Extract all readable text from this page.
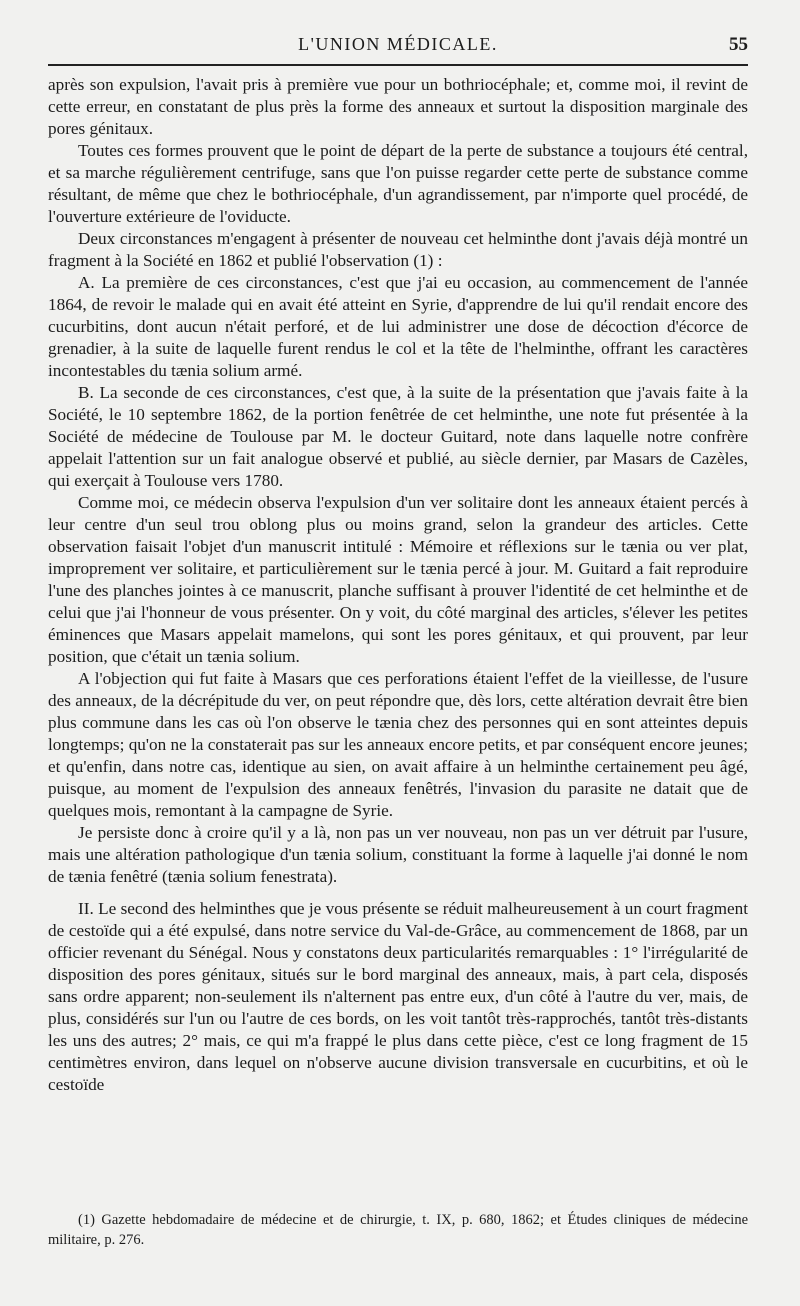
L'UNION MÉDICALE.	55

après son expulsion, l'avait pris à première vue pour un bothriocéphale; et, comme moi, il revint de cette erreur, en constatant de plus près la forme des anneaux et surtout la disposition marginale des pores génitaux.

Toutes ces formes prouvent que le point de départ de la perte de substance a toujours été central, et sa marche régulièrement centrifuge, sans que l'on puisse regarder cette perte de substance comme résultant, de même que chez le bothriocéphale, d'un agrandissement, par n'importe quel procédé, de l'ouverture extérieure de l'oviducte.

Deux circonstances m'engagent à présenter de nouveau cet helminthe dont j'avais déjà montré un fragment à la Société en 1862 et publié l'observation (1) :

A. La première de ces circonstances, c'est que j'ai eu occasion, au commencement de l'année 1864, de revoir le malade qui en avait été atteint en Syrie, d'apprendre de lui qu'il rendait encore des cucurbitins, dont aucun n'était perforé, et de lui administrer une dose de décoction d'écorce de grenadier, à la suite de laquelle furent rendus le col et la tête de l'helminthe, offrant les caractères incontestables du tænia solium armé.

B. La seconde de ces circonstances, c'est que, à la suite de la présentation que j'avais faite à la Société, le 10 septembre 1862, de la portion fenêtrée de cet helminthe, une note fut présentée à la Société de médecine de Toulouse par M. le docteur Guitard, note dans laquelle notre confrère appelait l'attention sur un fait analogue observé et publié, au siècle dernier, par Masars de Cazèles, qui exerçait à Toulouse vers 1780.

Comme moi, ce médecin observa l'expulsion d'un ver solitaire dont les anneaux étaient percés à leur centre d'un seul trou oblong plus ou moins grand, selon la grandeur des articles. Cette observation faisait l'objet d'un manuscrit intitulé : Mémoire et réflexions sur le tænia ou ver plat, improprement ver solitaire, et particulièrement sur le tænia percé à jour. M. Guitard a fait reproduire l'une des planches jointes à ce manuscrit, planche suffisant à prouver l'identité de cet helminthe et de celui que j'ai l'honneur de vous présenter. On y voit, du côté marginal des articles, s'élever les petites éminences que Masars appelait mamelons, qui sont les pores génitaux, et qui prouvent, par leur position, que c'était un tænia solium.

A l'objection qui fut faite à Masars que ces perforations étaient l'effet de la vieillesse, de l'usure des anneaux, de la décrépitude du ver, on peut répondre que, dès lors, cette altération devrait être bien plus commune dans les cas où l'on observe le tænia chez des personnes qui en sont atteintes depuis longtemps; qu'on ne la constaterait pas sur les anneaux encore petits, et par conséquent encore jeunes; et qu'enfin, dans notre cas, identique au sien, on avait affaire à un helminthe certainement peu âgé, puisque, au moment de l'expulsion des anneaux fenêtrés, l'invasion du parasite ne datait que de quelques mois, remontant à la campagne de Syrie.

Je persiste donc à croire qu'il y a là, non pas un ver nouveau, non pas un ver détruit par l'usure, mais une altération pathologique d'un tænia solium, constituant la forme à laquelle j'ai donné le nom de tænia fenêtré (tænia solium fenestrata).

II. Le second des helminthes que je vous présente se réduit malheureusement à un court fragment de cestoïde qui a été expulsé, dans notre service du Val-de-Grâce, au commencement de 1868, par un officier revenant du Sénégal. Nous y constatons deux particularités remarquables : 1° l'irrégularité de disposition des pores génitaux, situés sur le bord marginal des anneaux, mais, à part cela, disposés sans ordre apparent; non-seulement ils n'alternent pas entre eux, d'un côté à l'autre du ver, mais, de plus, considérés sur l'un ou l'autre de ces bords, on les voit tantôt très-rapprochés, tantôt très-distants les uns des autres; 2° mais, ce qui m'a frappé le plus dans cette pièce, c'est ce long fragment de 15 centimètres environ, dans lequel on n'observe aucune division transversale en cucurbitins, et où le cestoïde

(1) Gazette hebdomadaire de médecine et de chirurgie, t. IX, p. 680, 1862; et Études cliniques de médecine militaire, p. 276.
